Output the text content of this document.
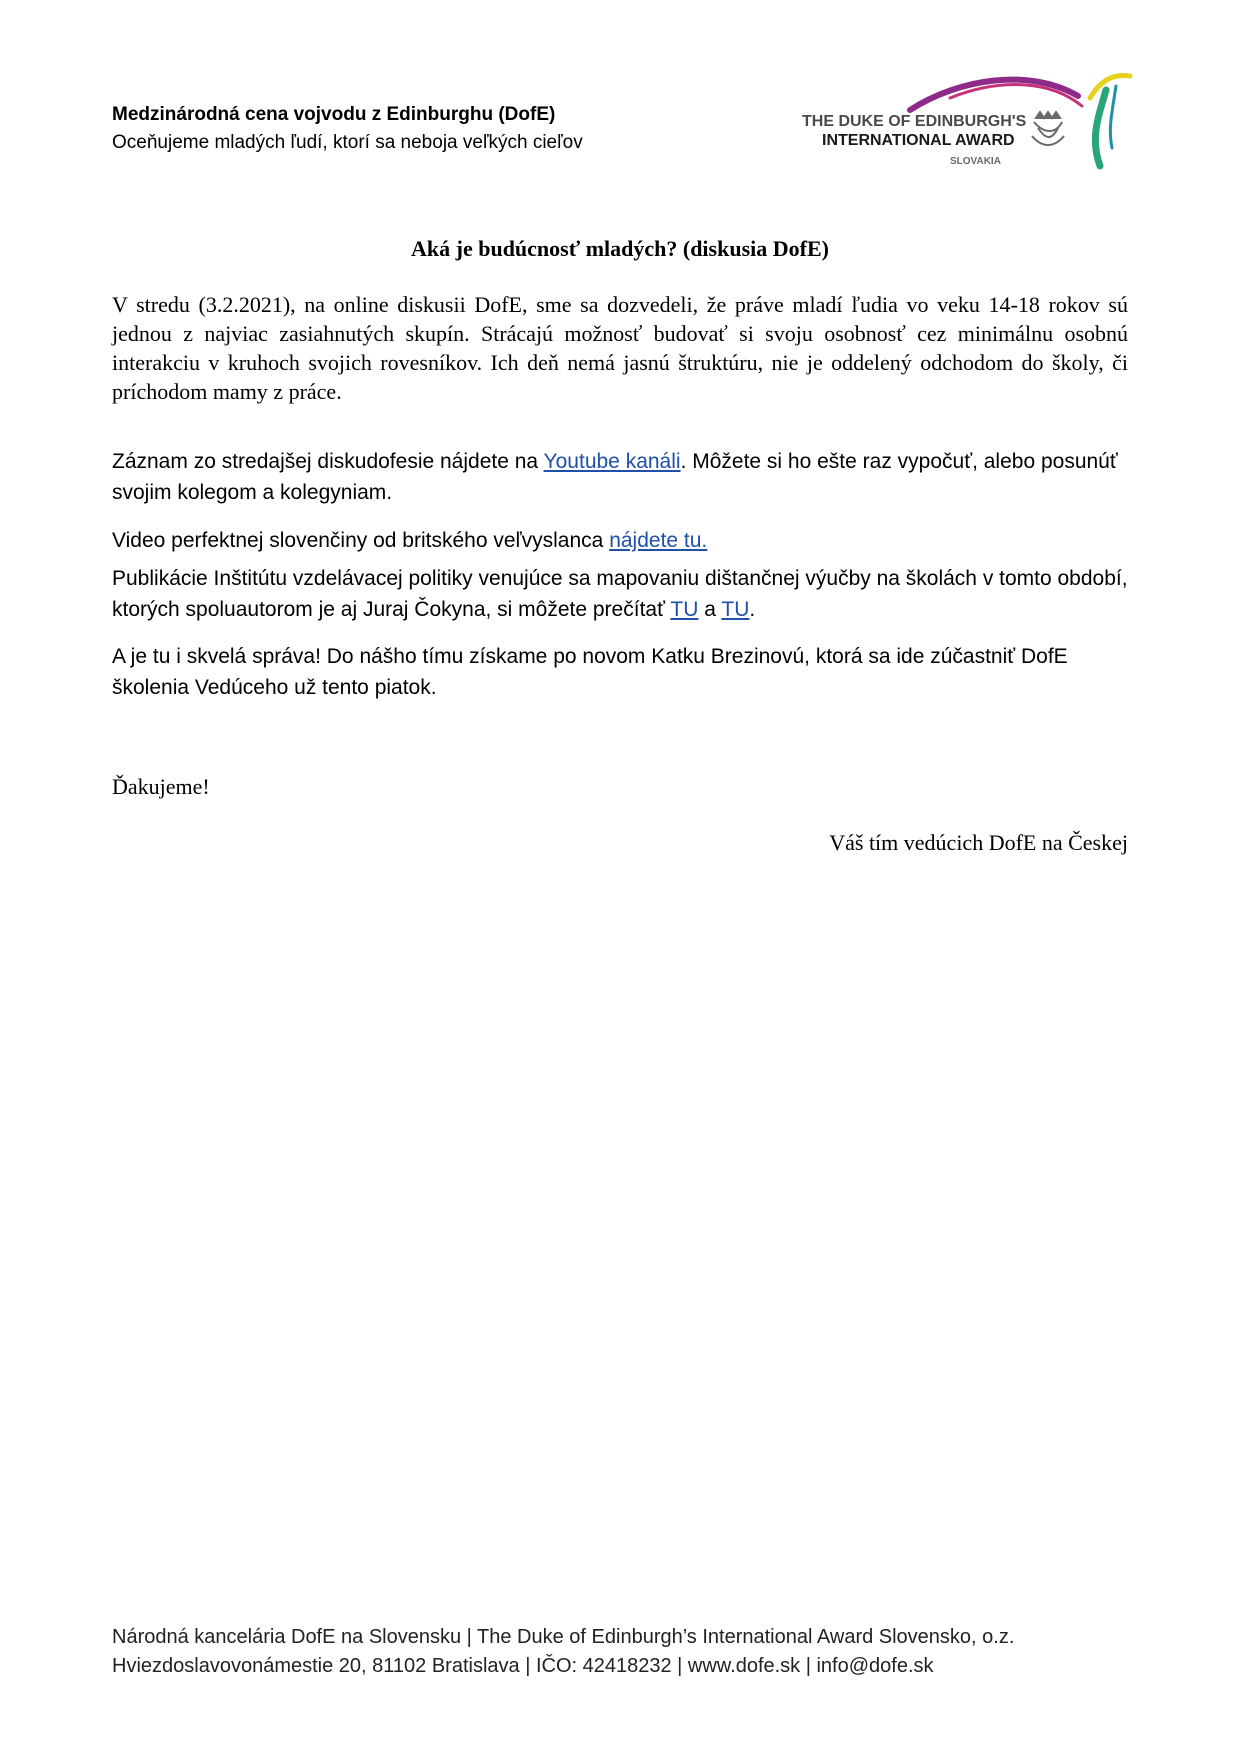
Medzinárodná cena vojvodu z Edinburghu (DofE)
Oceňujeme mladých ľudí, ktorí sa neboja veľkých cieľov
THE DUKE OF EDINBURGH'S
INTERNATIONAL AWARD
SLOVAKIA
Aká je budúcnosť mladých? (diskusia DofE)

V stredu (3.2.2021), na online diskusii DofE, sme sa dozvedeli, že práve mladí ľudia vo veku 14-18 rokov sú jednou z najviac zasiahnutých skupín. Strácajú možnosť budovať si svoju osobnosť cez minimálnu osobnú interakciu v kruhoch svojich rovesníkov. Ich deň nemá jasnú štruktúru, nie je oddelený odchodom do školy, či príchodom mamy z práce.

Záznam zo stredajšej diskudofesie nájdete na Youtube kanáli. Môžete si ho ešte raz vypočuť, alebo posunúť svojim kolegom a kolegyniam.

Video perfektnej slovenčiny od britského veľvyslanca nájdete tu.

Publikácie Inštitútu vzdelávacej politiky venujúce sa mapovaniu dištančnej výučby na školách v tomto období, ktorých spoluautorom je aj Juraj Čokyna, si môžete prečítať TU a TU.

A je tu i skvelá správa! Do nášho tímu získame po novom Katku Brezinovú, ktorá sa ide zúčastniť DofE školenia Vedúceho už tento piatok.

Ďakujeme!
Váš tím vedúcich DofE na Českej
Národná kancelária DofE na Slovensku | The Duke of Edinburgh’s International Award Slovensko, o.z.
Hviezdoslavovonámestie 20, 81102 Bratislava | IČO: 42418232 | www.dofe.sk | info@dofe.sk
